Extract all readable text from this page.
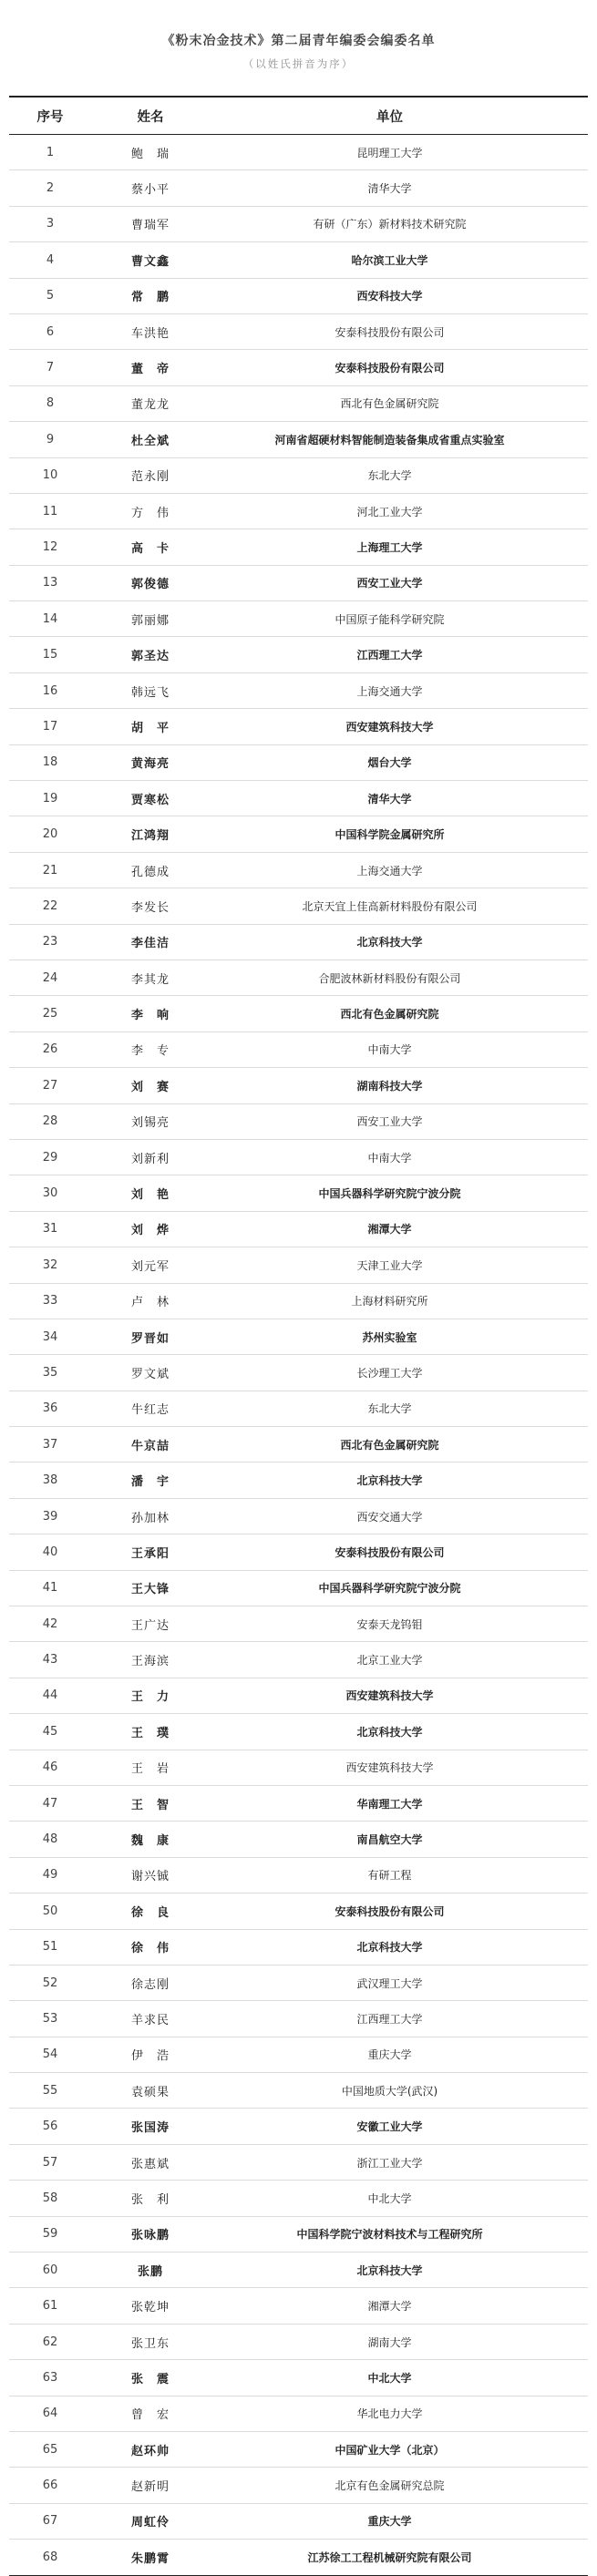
《粉末冶金技术》第二届青年编委会编委名单
（以姓氏拼音为序）
序号	姓名	单位
1	鲍　瑞	昆明理工大学
2	蔡小平	清华大学
3	曹瑞军	有研（广东）新材料技术研究院
4	曹文鑫	哈尔滨工业大学
5	常　鹏	西安科技大学
6	车洪艳	安泰科技股份有限公司
7	董　帝	安泰科技股份有限公司
8	董龙龙	西北有色金属研究院
9	杜全斌	河南省超硬材料智能制造装备集成省重点实验室
10	范永刚	东北大学
11	方　伟	河北工业大学
12	高　卡	上海理工大学
13	郭俊德	西安工业大学
14	郭丽娜	中国原子能科学研究院
15	郭圣达	江西理工大学
16	韩远飞	上海交通大学
17	胡　平	西安建筑科技大学
18	黄海亮	烟台大学
19	贾寒松	清华大学
20	江鸿翔	中国科学院金属研究所
21	孔德成	上海交通大学
22	李发长	北京天宜上佳高新材料股份有限公司
23	李佳洁	北京科技大学
24	李其龙	合肥波林新材料股份有限公司
25	李　响	西北有色金属研究院
26	李　专	中南大学
27	刘　赛	湖南科技大学
28	刘锡亮	西安工业大学
29	刘新利	中南大学
30	刘　艳	中国兵器科学研究院宁波分院
31	刘　烨	湘潭大学
32	刘元军	天津工业大学
33	卢　林	上海材料研究所
34	罗晋如	苏州实验室
35	罗文斌	长沙理工大学
36	牛红志	东北大学
37	牛京喆	西北有色金属研究院
38	潘　宇	北京科技大学
39	孙加林	西安交通大学
40	王承阳	安泰科技股份有限公司
41	王大锋	中国兵器科学研究院宁波分院
42	王广达	安泰天龙钨钼
43	王海滨	北京工业大学
44	王　力	西安建筑科技大学
45	王　璞	北京科技大学
46	王　岩	西安建筑科技大学
47	王　智	华南理工大学
48	魏　康	南昌航空大学
49	谢兴铖	有研工程
50	徐　良	安泰科技股份有限公司
51	徐　伟	北京科技大学
52	徐志刚	武汉理工大学
53	羊求民	江西理工大学
54	伊　浩	重庆大学
55	袁硕果	中国地质大学(武汉)
56	张国涛	安徽工业大学
57	张惠斌	浙江工业大学
58	张　利	中北大学
59	张咏鹏	中国科学院宁波材料技术与工程研究所
60	张鹏	北京科技大学
61	张乾坤	湘潭大学
62	张卫东	湖南大学
63	张　震	中北大学
64	曾　宏	华北电力大学
65	赵环帅	中国矿业大学（北京）
66	赵新明	北京有色金属研究总院
67	周虹伶	重庆大学
68	朱鹏霄	江苏徐工工程机械研究院有限公司
